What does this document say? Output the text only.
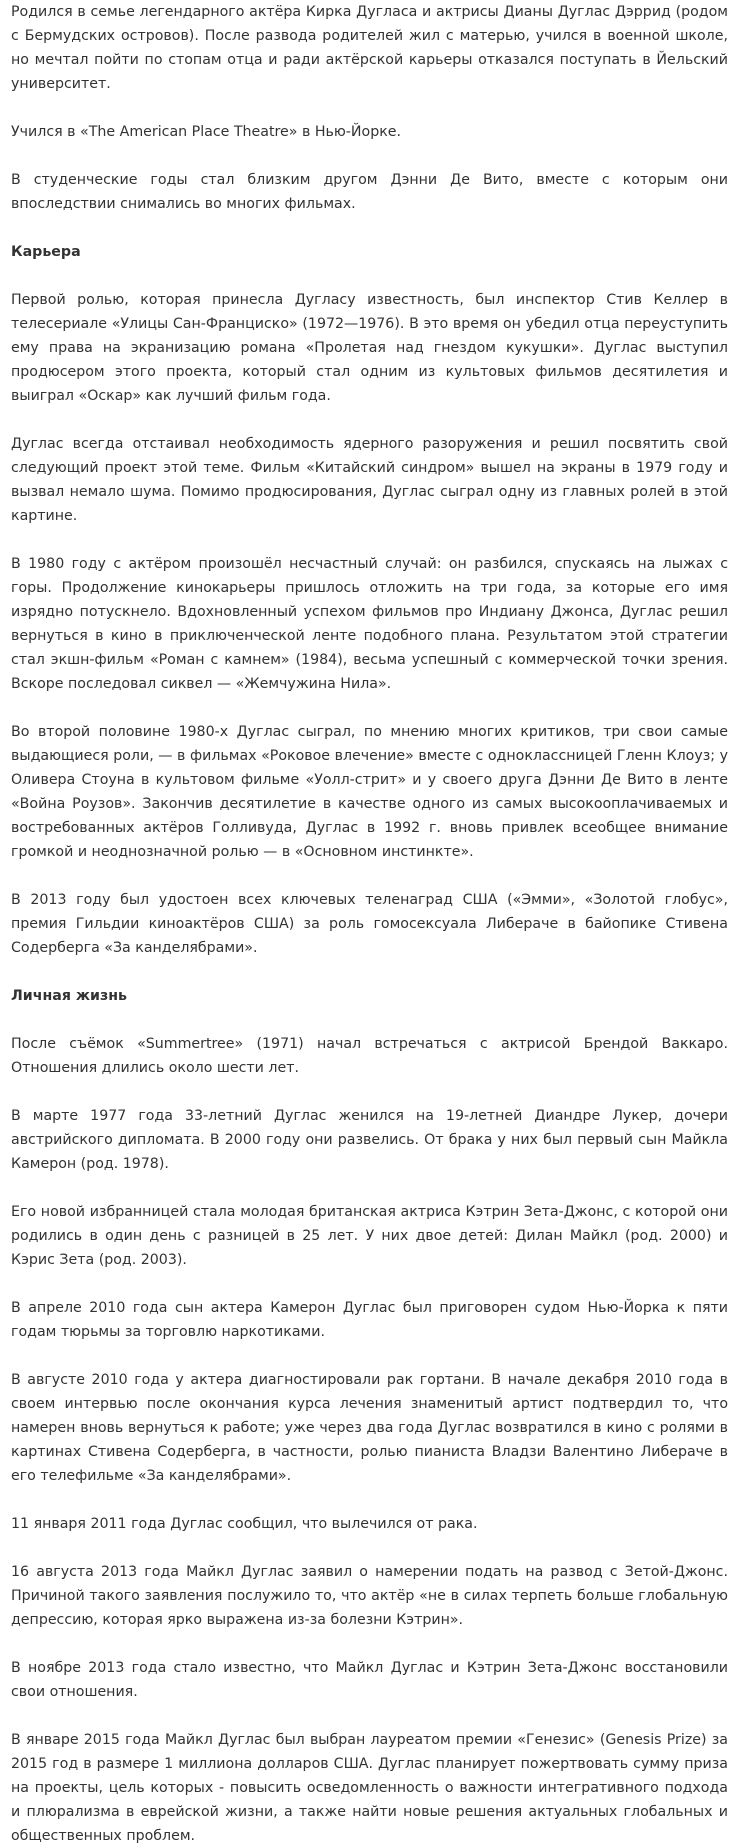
Родился в семье легендарного актёра Кирка Дугласа и актрисы Дианы Дуглас Дэррид (родом с Бермудских островов). После развода родителей жил с матерью, учился в военной школе, но мечтал пойти по стопам отца и ради актёрской карьеры отказался поступать в Йельский университет.

Учился в «The American Place Theatre» в Нью-Йорке.

В студенческие годы стал близким другом Дэнни Де Вито, вместе с которым они впоследствии снимались во многих фильмах.

Карьера

Первой ролью, которая принесла Дугласу известность, был инспектор Стив Келлер в телесериале «Улицы Сан-Франциско» (1972—1976). В это время он убедил отца переуступить ему права на экранизацию романа «Пролетая над гнездом кукушки». Дуглас выступил продюсером этого проекта, который стал одним из культовых фильмов десятилетия и выиграл «Оскар» как лучший фильм года.

Дуглас всегда отстаивал необходимость ядерного разоружения и решил посвятить свой следующий проект этой теме. Фильм «Китайский синдром» вышел на экраны в 1979 году и вызвал немало шума. Помимо продюсирования, Дуглас сыграл одну из главных ролей в этой картине.

В 1980 году с актёром произошёл несчастный случай: он разбился, спускаясь на лыжах с горы. Продолжение кинокарьеры пришлось отложить на три года, за которые его имя изрядно потускнело. Вдохновленный успехом фильмов про Индиану Джонса, Дуглас решил вернуться в кино в приключенческой ленте подобного плана. Результатом этой стратегии стал экшн-фильм «Роман с камнем» (1984), весьма успешный с коммерческой точки зрения. Вскоре последовал сиквел — «Жемчужина Нила».

Во второй половине 1980-х Дуглас сыграл, по мнению многих критиков, три свои самые выдающиеся роли, — в фильмах «Роковое влечение» вместе с одноклассницей Гленн Клоуз; у Оливера Стоуна в культовом фильме «Уолл-стрит» и у своего друга Дэнни Де Вито в ленте «Война Роузов». Закончив десятилетие в качестве одного из самых высокооплачиваемых и востребованных актёров Голливуда, Дуглас в 1992 г. вновь привлек всеобщее внимание громкой и неоднозначной ролью — в «Основном инстинкте».

В 2013 году был удостоен всех ключевых теленаград США («Эмми», «Золотой глобус», премия Гильдии киноактёров США) за роль гомосексуала Либераче в байопике Стивена Содерберга «За канделябрами».

Личная жизнь

После съёмок «Summertree» (1971) начал встречаться с актрисой Брендой Ваккаро. Отношения длились около шести лет.

В марте 1977 года 33-летний Дуглас женился на 19-летней Диандре Лукер, дочери австрийского дипломата. В 2000 году они развелись. От брака у них был первый сын Майкла Камерон (род. 1978).

Его новой избранницей стала молодая британская актриса Кэтрин Зета-Джонс, с которой они родились в один день с разницей в 25 лет. У них двое детей: Дилан Майкл (род. 2000) и Кэрис Зета (род. 2003).

В апреле 2010 года сын актера Камерон Дуглас был приговорен судом Нью-Йорка к пяти годам тюрьмы за торговлю наркотиками.

В августе 2010 года у актера диагностировали рак гортани. В начале декабря 2010 года в своем интервью после окончания курса лечения знаменитый артист подтвердил то, что намерен вновь вернуться к работе; уже через два года Дуглас возвратился в кино с ролями в картинах Стивена Содерберга, в частности, ролью пианиста Владзи Валентино Либераче в его телефильме «За канделябрами».

11 января 2011 года Дуглас сообщил, что вылечился от рака.

16 августа 2013 года Майкл Дуглас заявил о намерении подать на развод с Зетой-Джонс. Причиной такого заявления послужило то, что актёр «не в силах терпеть больше глобальную депрессию, которая ярко выражена из-за болезни Кэтрин».

В ноябре 2013 года стало известно, что Майкл Дуглас и Кэтрин Зета-Джонс восстановили свои отношения.

В январе 2015 года Майкл Дуглас был выбран лауреатом премии «Генезис» (Genesis Prize) за 2015 год в размере 1 миллиона долларов США. Дуглас планирует пожертвовать сумму приза на проекты, цель которых - повысить осведомленность о важности интегративного подхода и плюрализма в еврейской жизни, а также найти новые решения актуальных глобальных и общественных проблем.
